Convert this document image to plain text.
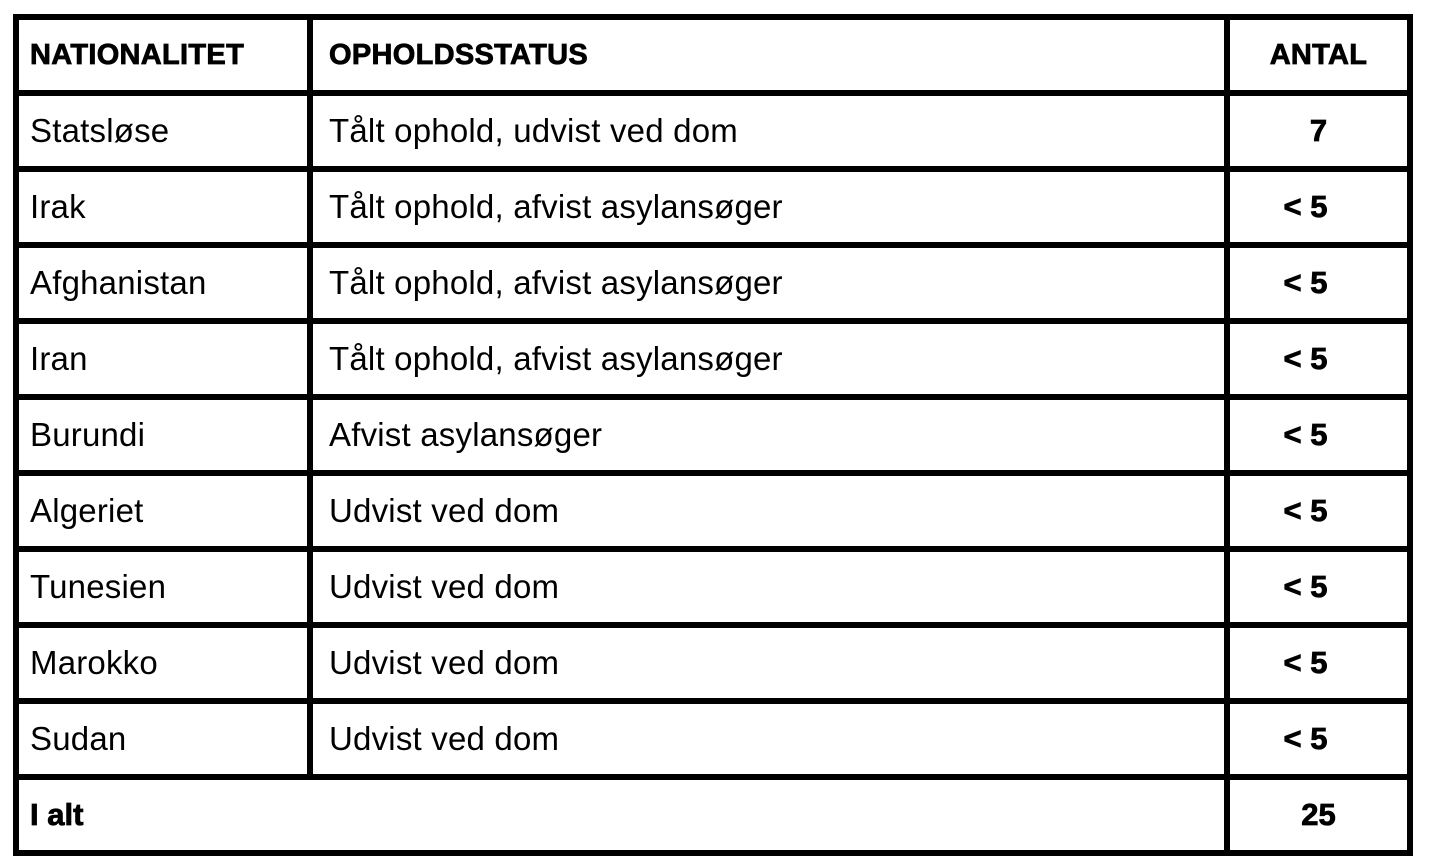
NATIONALITET	OPHOLDSSTATUS	ANTAL
Statsløse	Tålt ophold, udvist ved dom	7
Irak	Tålt ophold, afvist asylansøger	< 5
Afghanistan	Tålt ophold, afvist asylansøger	< 5
Iran	Tålt ophold, afvist asylansøger	< 5
Burundi	Afvist asylansøger	< 5
Algeriet	Udvist ved dom	< 5
Tunesien	Udvist ved dom	< 5
Marokko	Udvist ved dom	< 5
Sudan	Udvist ved dom	< 5
I alt	25
